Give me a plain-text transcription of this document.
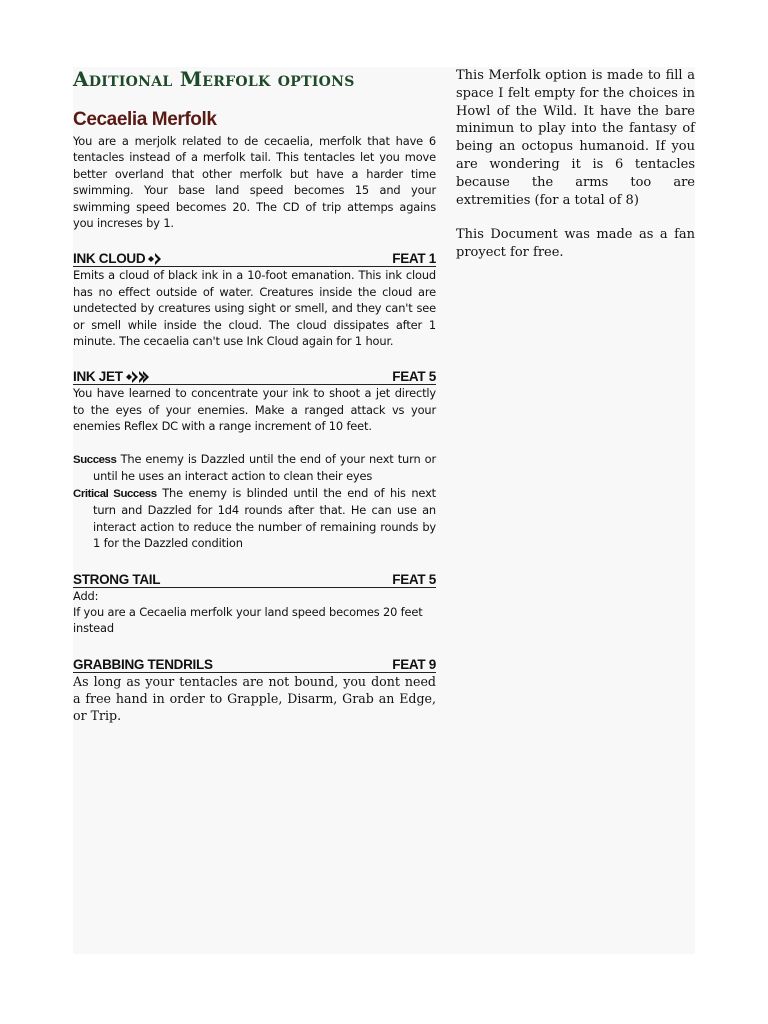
Aditional Merfolk options
Cecaelia Merfolk

You are a merjolk related to de cecaelia, merfolk that have 6 tentacles instead of a merfolk tail. This tentacles let you move better overland that other merfolk but have a harder time swimming. Your base land speed becomes 15 and your swimming speed becomes 20. The CD of trip attemps agains you increses by 1.

INK CLOUD	FEAT 1

Emits a cloud of black ink in a 10-foot emanation. This ink cloud has no effect outside of water. Creatures inside the cloud are undetected by creatures using sight or smell, and they can't see or smell while inside the cloud. The cloud dissipates after 1 minute. The cecaelia can't use Ink Cloud again for 1 hour.

INK JET	FEAT 5

You have learned to concentrate your ink to shoot a jet directly to the eyes of your enemies. Make a ranged attack vs your enemies Reflex DC with a range increment of 10 feet.

Success The enemy is Dazzled until the end of your next turn or until he uses an interact action to clean their eyes

Critical Success The enemy is blinded until the end of his next turn and Dazzled for 1d4 rounds after that. He can use an interact action to reduce the number of remaining rounds by 1 for the Dazzled condition

STRONG TAIL	FEAT 5

Add:

If you are a Cecaelia merfolk your land speed becomes 20 feet instead

GRABBING TENDRILS	FEAT 9

As long as your tentacles are not bound, you dont need a free hand in order to Grapple, Disarm, Grab an Edge, or Trip.

This Merfolk option is made to fill a space I felt empty for the choices in Howl of the Wild. It have the bare minimun to play into the fantasy of being an octopus humanoid. If you are wondering it is 6 tentacles because the arms too are extremities (for a total of 8)

This Document was made as a fan proyect for free.
